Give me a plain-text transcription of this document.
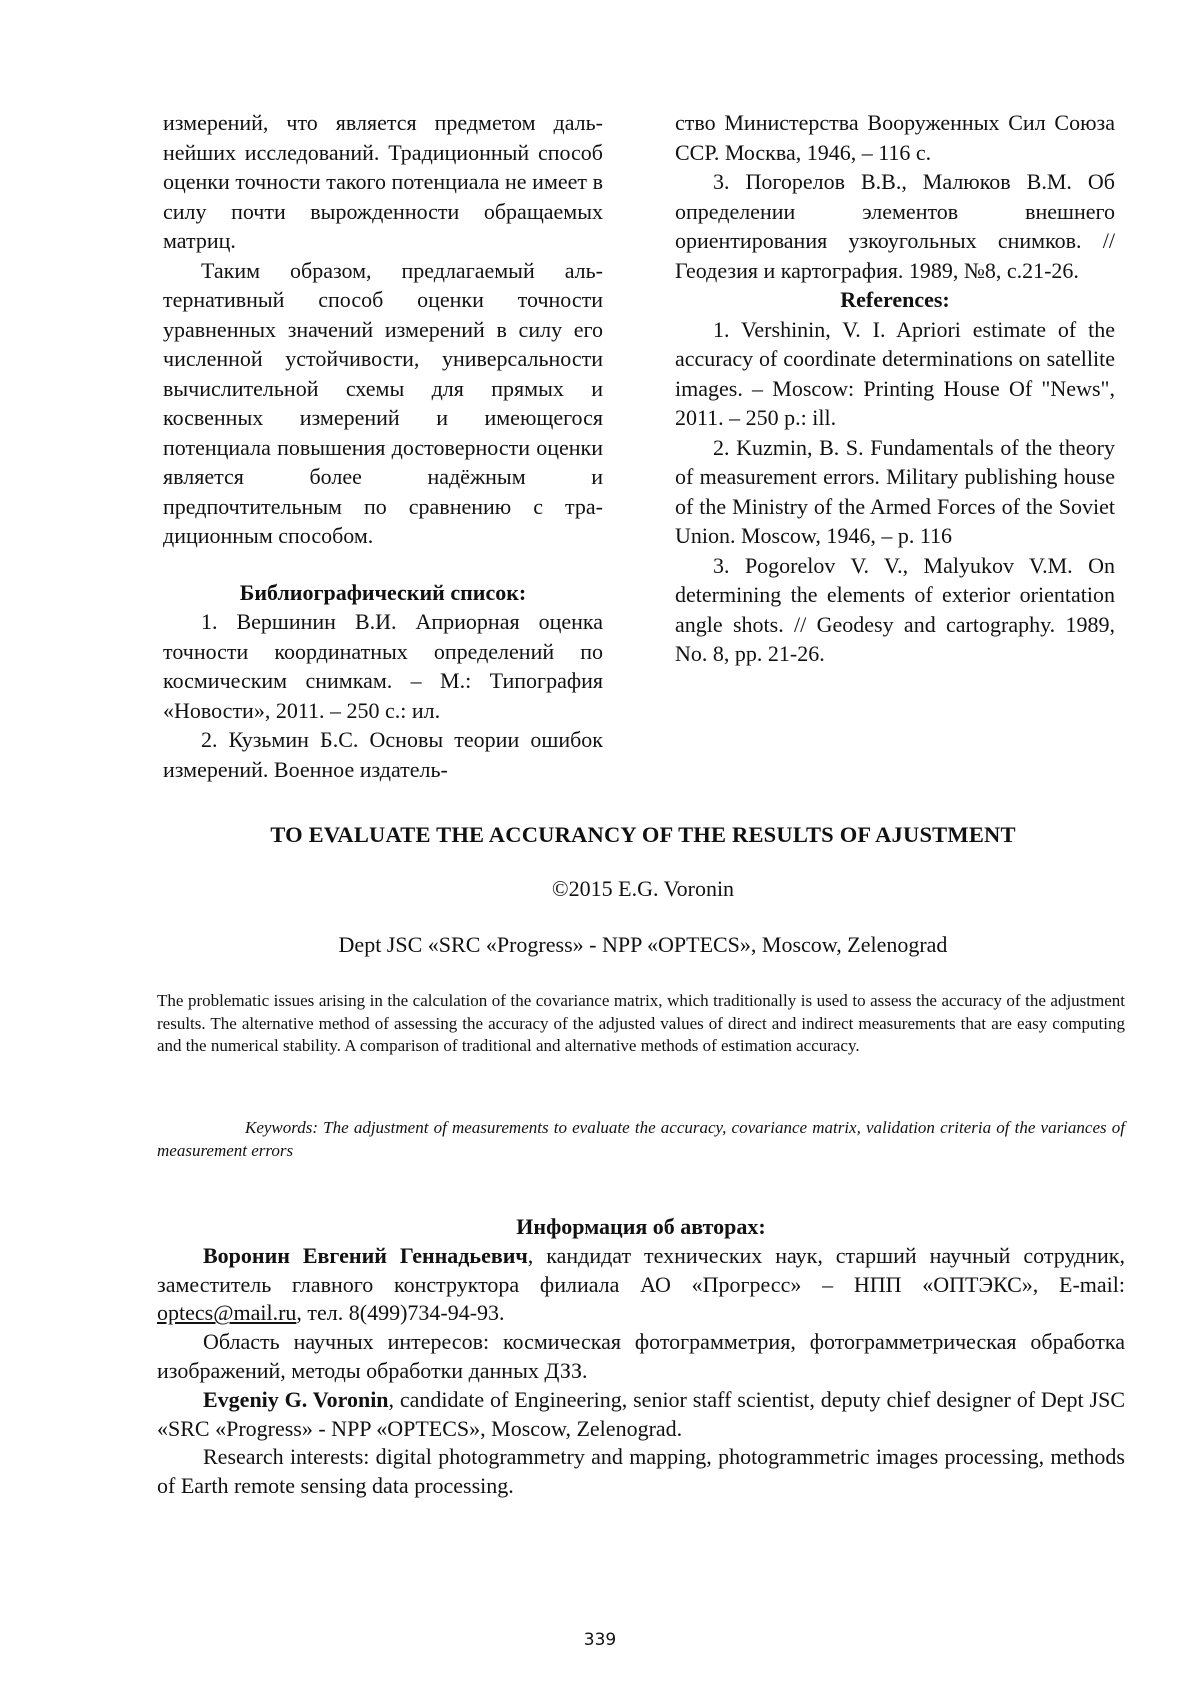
измерений, что является предметом дальнейших исследований. Традиционный способ оценки точности такого потенциала не имеет в силу почти вырожденности обращаемых матриц.

Таким образом, предлагаемый альтернативный способ оценки точности уравненных значений измерений в силу его численной устойчивости, универсальности вычислительной схемы для прямых и косвенных измерений и имеющегося потенциала повышения достоверности оценки является более надёжным и предпочтительным по сравнению с традиционным способом.

Библиографический список:

1. Вершинин В.И. Априорная оценка точности координатных определений по космическим снимкам. – М.: Типография «Новости», 2011. – 250 с.: ил.

2. Кузьмин Б.С. Основы теории ошибок измерений. Военное издатель-

ство Министерства Вооруженных Сил Союза ССР. Москва, 1946, – 116 с.

3. Погорелов В.В., Малюков В.М. Об определении элементов внешнего ориентирования узкоугольных снимков. // Геодезия и картография. 1989, №8, с.21-26.

References:

1. Vershinin, V. I. Apriori estimate of the accuracy of coordinate determinations on satellite images. – Moscow: Printing House Of "News", 2011. – 250 p.: ill.

2. Kuzmin, B. S. Fundamentals of the theory of measurement errors. Military publishing house of the Ministry of the Armed Forces of the Soviet Union. Moscow, 1946, – p. 116

3. Pogorelov V. V., Malyukov V.M. On determining the elements of exterior orientation angle shots. // Geodesy and cartography. 1989, No. 8, pp. 21-26.

TO EVALUATE THE ACCURANCY OF THE RESULTS OF AJUSTMENT
©2015 E.G. Voronin
Dept JSC «SRC «Progress» - NPP «OPTECS», Moscow, Zelenograd

The problematic issues arising in the calculation of the covariance matrix, which traditionally is used to assess the accuracy of the adjustment results. The alternative method of assessing the accuracy of the adjusted values of direct and indirect measurements that are easy computing and the numerical stability. A comparison of traditional and alternative methods of estimation accuracy.

Keywords: The adjustment of measurements to evaluate the accuracy, covariance matrix, validation criteria of the variances of measurement errors

Информация об авторах:

Воронин Евгений Геннадьевич, кандидат технических наук, старший научный сотрудник, заместитель главного конструктора филиала АО «Прогресс» – НПП «ОПТЭКС», E-mail: optecs@mail.ru, тел. 8(499)734-94-93.

Область научных интересов: космическая фотограмметрия, фотограмметрическая обработка изображений, методы обработки данных ДЗЗ.

Evgeniy G. Voronin, candidate of Engineering, senior staff scientist, deputy chief designer of Dept JSC «SRC «Progress» - NPP «OPTECS», Moscow, Zelenograd.

Research interests: digital photogrammetry and mapping, photogrammetric images processing, methods of Earth remote sensing data processing.

339
